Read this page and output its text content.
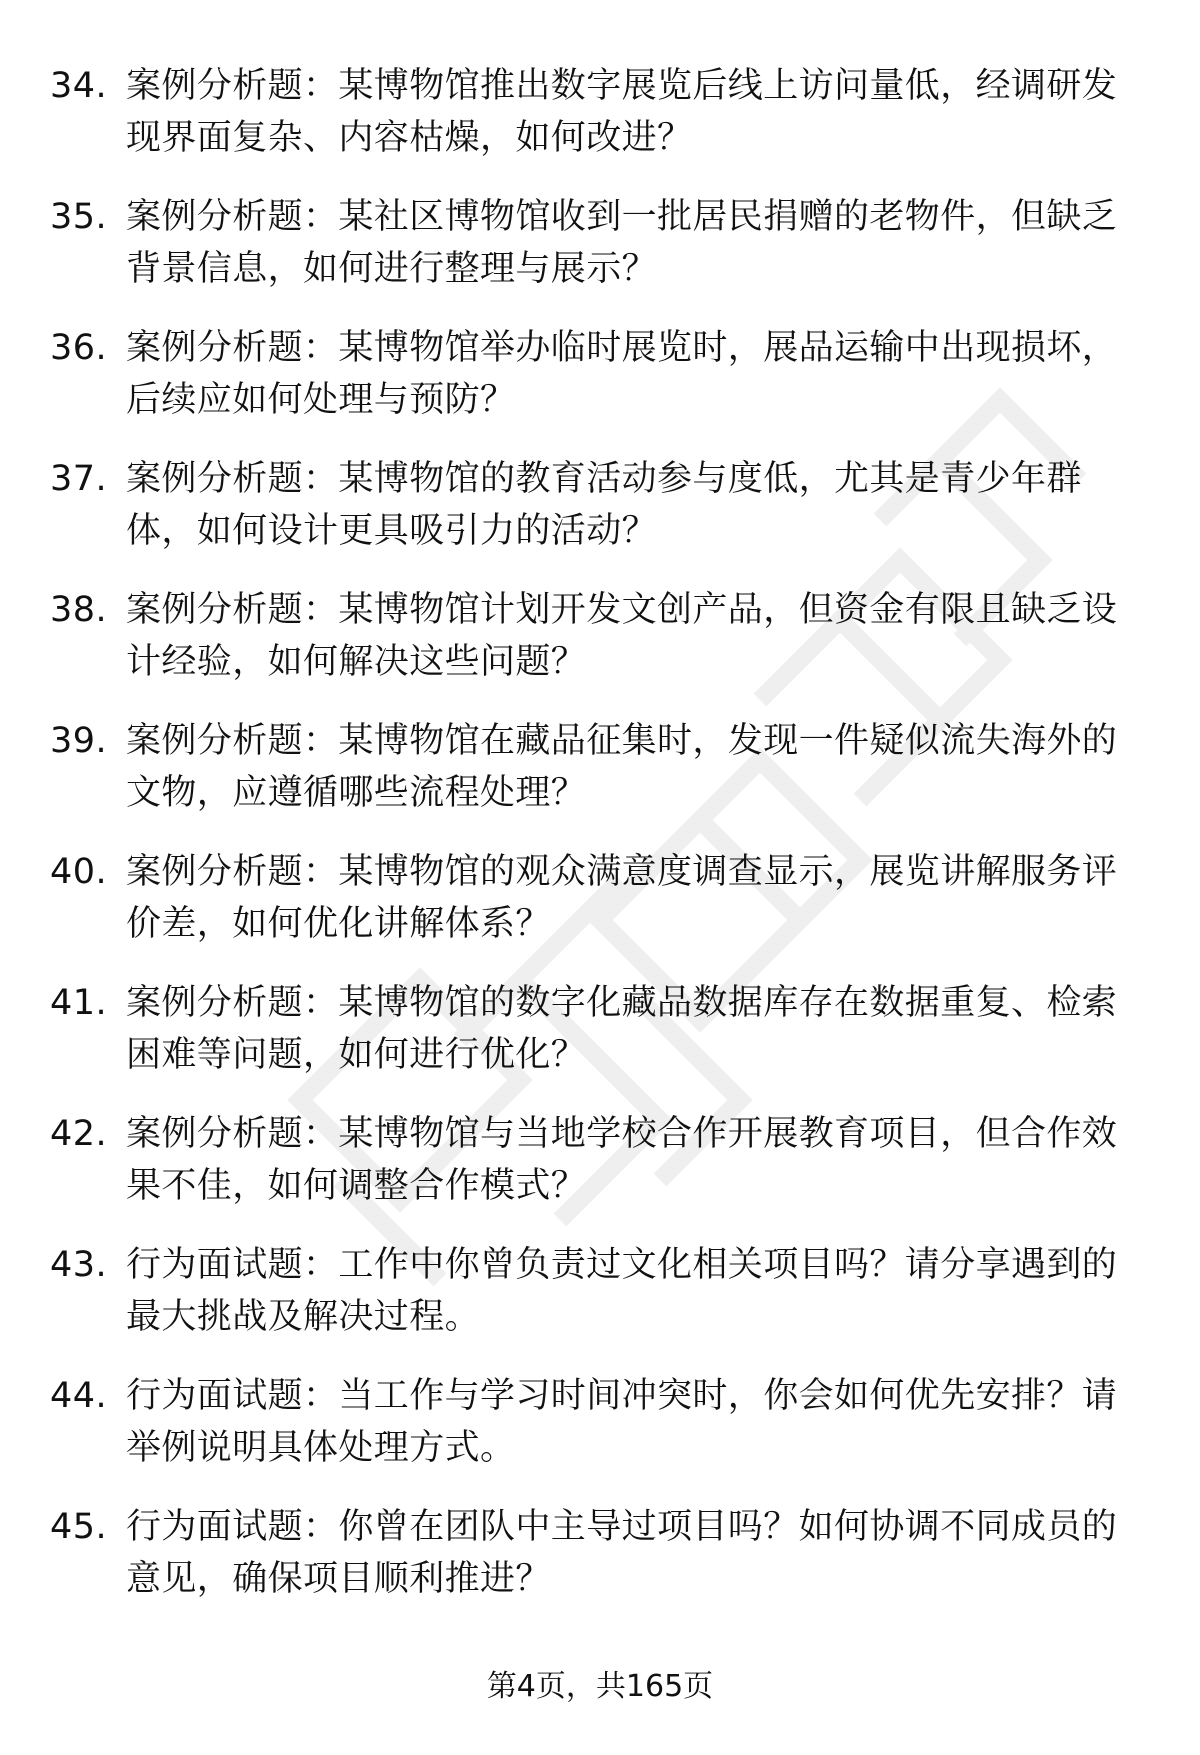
34. 案例分析题：某博物馆推出数字展览后线上访问量低，经调研发现界面复杂、内容枯燥，如何改进？
35. 案例分析题：某社区博物馆收到一批居民捐赠的老物件，但缺乏背景信息，如何进行整理与展示？
36. 案例分析题：某博物馆举办临时展览时，展品运输中出现损坏，后续应如何处理与预防？
37. 案例分析题：某博物馆的教育活动参与度低，尤其是青少年群体，如何设计更具吸引力的活动？
38. 案例分析题：某博物馆计划开发文创产品，但资金有限且缺乏设计经验，如何解决这些问题？
39. 案例分析题：某博物馆在藏品征集时，发现一件疑似流失海外的文物，应遵循哪些流程处理？
40. 案例分析题：某博物馆的观众满意度调查显示，展览讲解服务评价差，如何优化讲解体系？
41. 案例分析题：某博物馆的数字化藏品数据库存在数据重复、检索困难等问题，如何进行优化？
42. 案例分析题：某博物馆与当地学校合作开展教育项目，但合作效果不佳，如何调整合作模式？
43. 行为面试题：工作中你曾负责过文化相关项目吗？请分享遇到的最大挑战及解决过程。
44. 行为面试题：当工作与学习时间冲突时，你会如何优先安排？请举例说明具体处理方式。
45. 行为面试题：你曾在团队中主导过项目吗？如何协调不同成员的意见，确保项目顺利推进？
第4页，共165页
